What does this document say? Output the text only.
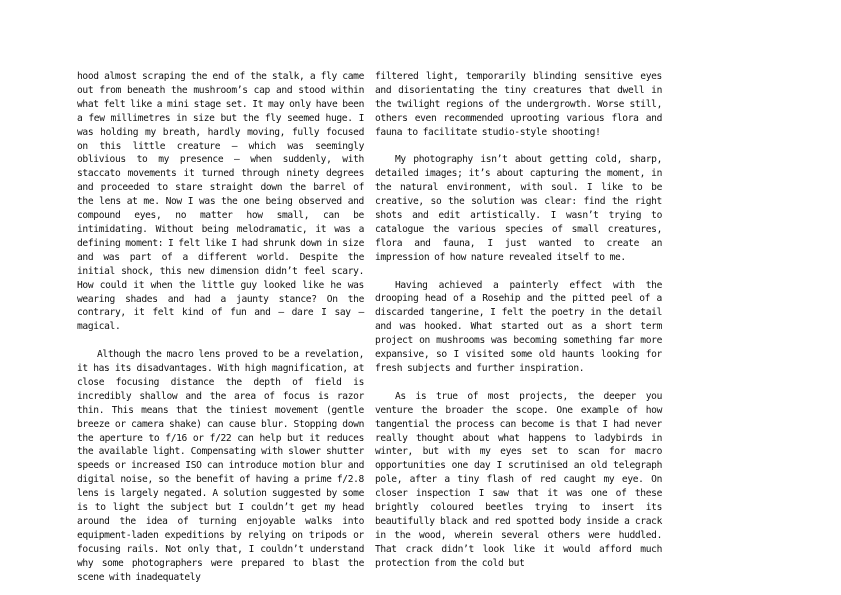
hood almost scraping the end of the stalk, a fly came out from beneath the mushroom’s cap and stood within what felt like a mini stage set. It may only have been a few millimetres in size but the fly seemed huge. I was holding my breath, hardly moving, fully focused on this little creature – which was seemingly oblivious to my presence – when suddenly, with staccato movements it turned through ninety degrees and proceeded to stare straight down the barrel of the lens at me. Now I was the one being observed and compound eyes, no matter how small, can be intimidating. Without being melodramatic, it was a defining moment: I felt like I had shrunk down in size and was part of a different world. Despite the initial shock, this new dimension didn’t feel scary. How could it when the little guy looked like he was wearing shades and had a jaunty stance? On the contrary, it felt kind of fun and – dare I say – magical.

Although the macro lens proved to be a revelation, it has its disadvantages. With high magnification, at close focusing distance the depth of field is incredibly shallow and the area of focus is razor thin. This means that the tiniest movement (gentle breeze or camera shake) can cause blur. Stopping down the aperture to f/16 or f/22 can help but it reduces the available light. Compensating with slower shutter speeds or increased ISO can introduce motion blur and digital noise, so the benefit of having a prime f/2.8 lens is largely negated. A solution suggested by some is to light the subject but I couldn’t get my head around the idea of turning enjoyable walks into equipment-laden expeditions by relying on tripods or focusing rails. Not only that, I couldn’t understand why some photographers were prepared to blast the scene with inadequately

filtered light, temporarily blinding sensitive eyes and disorientating the tiny creatures that dwell in the twilight regions of the undergrowth. Worse still, others even recommended uprooting various flora and fauna to facilitate studio-style shooting!

My photography isn’t about getting cold, sharp, detailed images; it’s about capturing the moment, in the natural environment, with soul. I like to be creative, so the solution was clear: find the right shots and edit artistically. I wasn’t trying to catalogue the various species of small creatures, flora and fauna, I just wanted to create an impression of how nature revealed itself to me.

Having achieved a painterly effect with the drooping head of a Rosehip and the pitted peel of a discarded tangerine, I felt the poetry in the detail and was hooked. What started out as a short term project on mushrooms was becoming something far more expansive, so I visited some old haunts looking for fresh subjects and further inspiration.

As is true of most projects, the deeper you venture the broader the scope. One example of how tangential the process can become is that I had never really thought about what happens to ladybirds in winter, but with my eyes set to scan for macro opportunities one day I scrutinised an old telegraph pole, after a tiny flash of red caught my eye. On closer inspection I saw that it was one of these brightly coloured beetles trying to insert its beautifully black and red spotted body inside a crack in the wood, wherein several others were huddled. That crack didn’t look like it would afford much protection from the cold but
